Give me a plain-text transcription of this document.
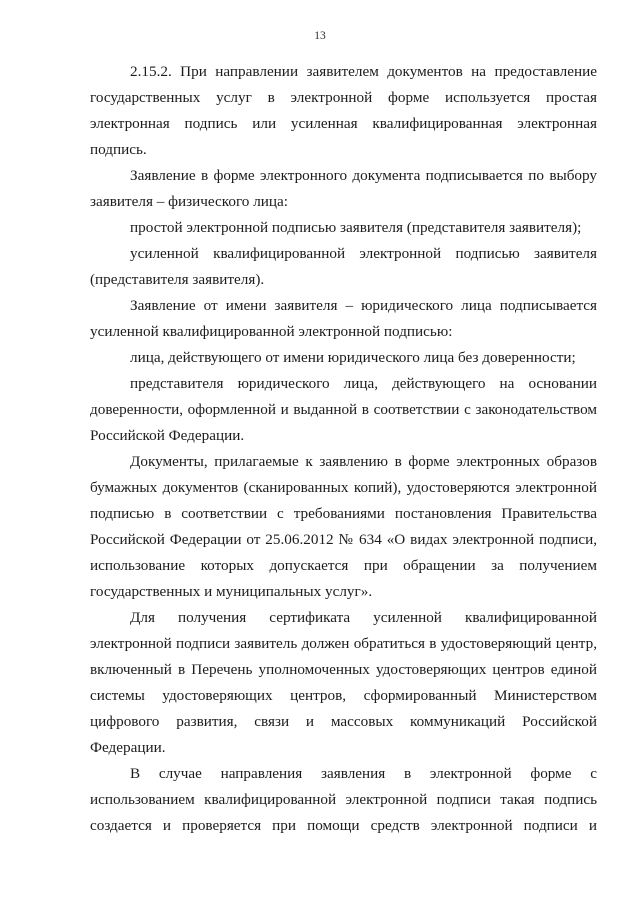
13
2.15.2. При направлении заявителем документов на предоставление
государственных услуг в электронной форме используется простая
электронная подпись или усиленная квалифицированная электронная
подпись.
Заявление в форме электронного документа подписывается по выбору
заявителя – физического лица:
простой электронной подписью заявителя (представителя заявителя);
усиленной квалифицированной электронной подписью заявителя
(представителя заявителя).
Заявление от имени заявителя – юридического лица подписывается
усиленной квалифицированной электронной подписью:
лица, действующего от имени юридического лица без доверенности;
представителя юридического лица, действующего на основании
доверенности, оформленной и выданной в соответствии с законодательством
Российской Федерации.
Документы, прилагаемые к заявлению в форме электронных образов
бумажных документов (сканированных копий), удостоверяются электронной
подписью в соответствии с требованиями постановления Правительства
Российской Федерации от 25.06.2012 № 634 «О видах электронной подписи,
использование которых допускается при обращении за получением
государственных и муниципальных услуг».
Для получения сертификата усиленной квалифицированной
электронной подписи заявитель должен обратиться в удостоверяющий центр,
включенный в Перечень уполномоченных удостоверяющих центров единой
системы удостоверяющих центров, сформированный Министерством
цифрового развития, связи и массовых коммуникаций Российской
Федерации.
В случае направления заявления в электронной форме с
использованием квалифицированной электронной подписи такая подпись
создается и проверяется при помощи средств электронной подписи и
